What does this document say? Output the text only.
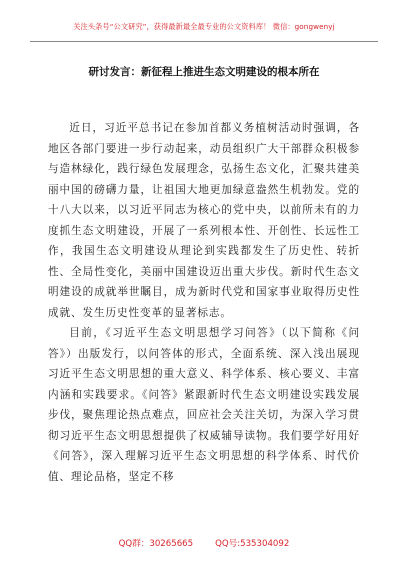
关注头条号“公文研究”，获得最新最全最专业的公文资料库！ 微信：gongwenyj
研讨发言：新征程上推进生态文明建设的根本所在

近日，习近平总书记在参加首都义务植树活动时强调，各地区各部门要进一步行动起来，动员组织广大干部群众积极参与造林绿化，践行绿色发展理念，弘扬生态文化，汇聚共建美丽中国的磅礴力量，让祖国大地更加绿意盎然生机勃发。党的十八大以来，以习近平同志为核心的党中央，以前所未有的力度抓生态文明建设，开展了一系列根本性、开创性、长远性工作，我国生态文明建设从理论到实践都发生了历史性、转折性、全局性变化，美丽中国建设迈出重大步伐。新时代生态文明建设的成就举世瞩目，成为新时代党和国家事业取得历史性成就、发生历史性变革的显著标志。

目前，《习近平生态文明思想学习问答》（以下简称《问答》）出版发行，以问答体的形式，全面系统、深入浅出展现习近平生态文明思想的重大意义、科学体系、核心要义、丰富内涵和实践要求。《问答》紧跟新时代生态文明建设实践发展步伐，聚焦理论热点难点，回应社会关注关切，为深入学习贯彻习近平生态文明思想提供了权威辅导读物。我们要学好用好《问答》，深入理解习近平生态文明思想的科学体系、时代价值、理论品格，坚定不移

QQ群：30265665	QQ号:535304092
